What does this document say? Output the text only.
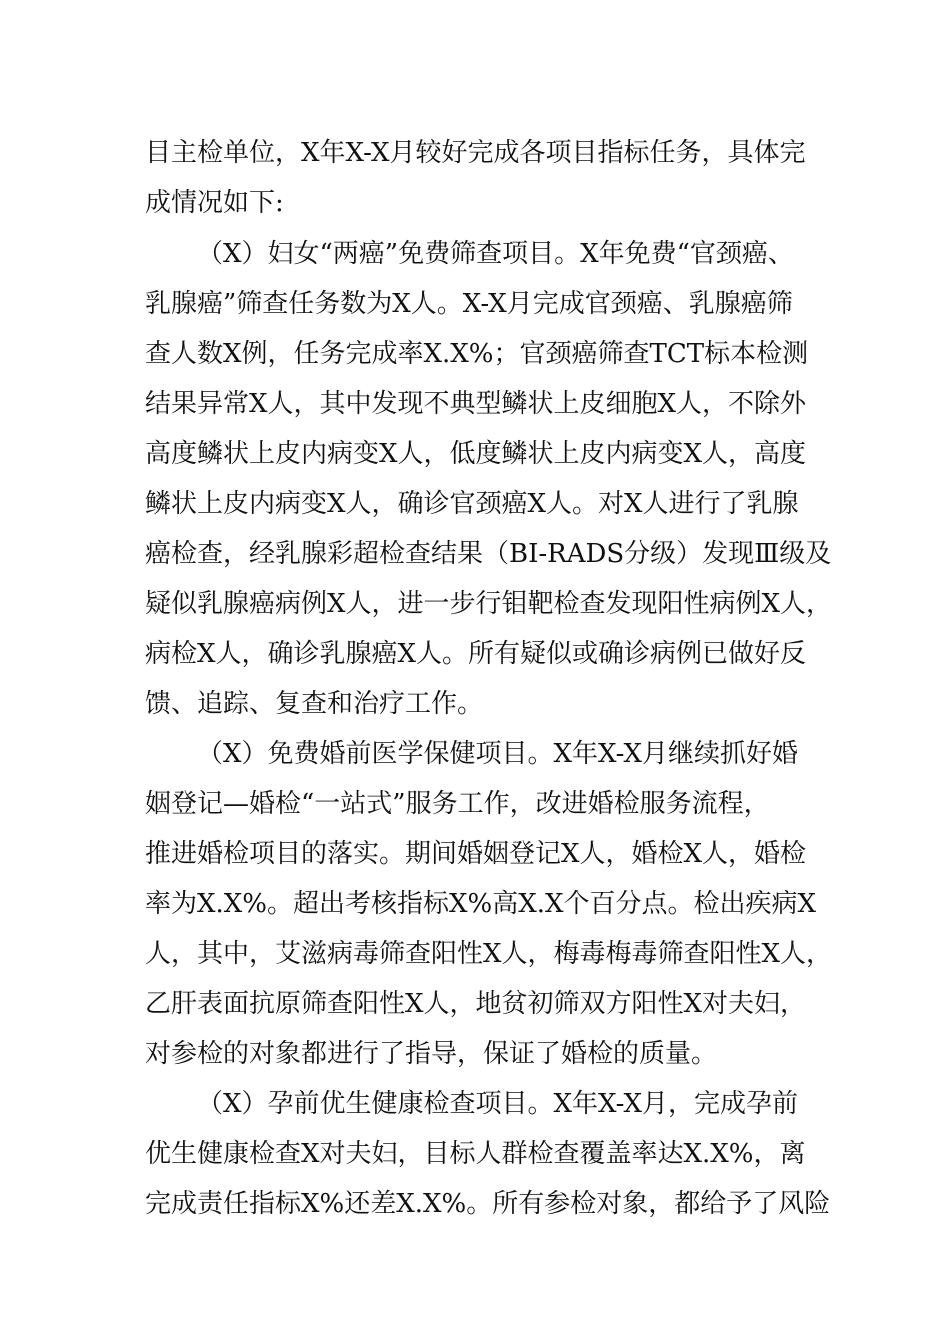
目主检单位，X年X-X月较好完成各项目指标任务，具体完
成情况如下:
（X）妇女“两癌”免费筛查项目。X年免费“官颈癌、
乳腺癌”筛查任务数为X人。X-X月完成官颈癌、乳腺癌筛
查人数X例，任务完成率X.X%；官颈癌筛查TCT标本检测
结果异常X人，其中发现不典型鳞状上皮细胞X人，不除外
高度鳞状上皮内病变X人，低度鳞状上皮内病变X人，高度
鳞状上皮内病变X人，确诊官颈癌X人。对X人进行了乳腺
癌检查，经乳腺彩超检查结果（BI-RADS分级）发现Ⅲ级及
疑似乳腺癌病例X人，进一步行钼靶检查发现阳性病例X人，
病检X人，确诊乳腺癌X人。所有疑似或确诊病例已做好反
馈、追踪、复查和治疗工作。
（X）免费婚前医学保健项目。X年X-X月继续抓好婚
姻登记—婚检“一站式”服务工作，改进婚检服务流程，
推进婚检项目的落实。期间婚姻登记X人，婚检X人，婚检
率为X.X%。超出考核指标X%高X.X个百分点。检出疾病X
人，其中，艾滋病毒筛查阳性X人，梅毒梅毒筛查阳性X人，
乙肝表面抗原筛查阳性X人，地贫初筛双方阳性X对夫妇，
对参检的对象都进行了指导，保证了婚检的质量。
（X）孕前优生健康检查项目。X年X-X月，完成孕前
优生健康检查X对夫妇，目标人群检查覆盖率达X.X%，离
完成责任指标X%还差X.X%。所有参检对象，都给予了风险
